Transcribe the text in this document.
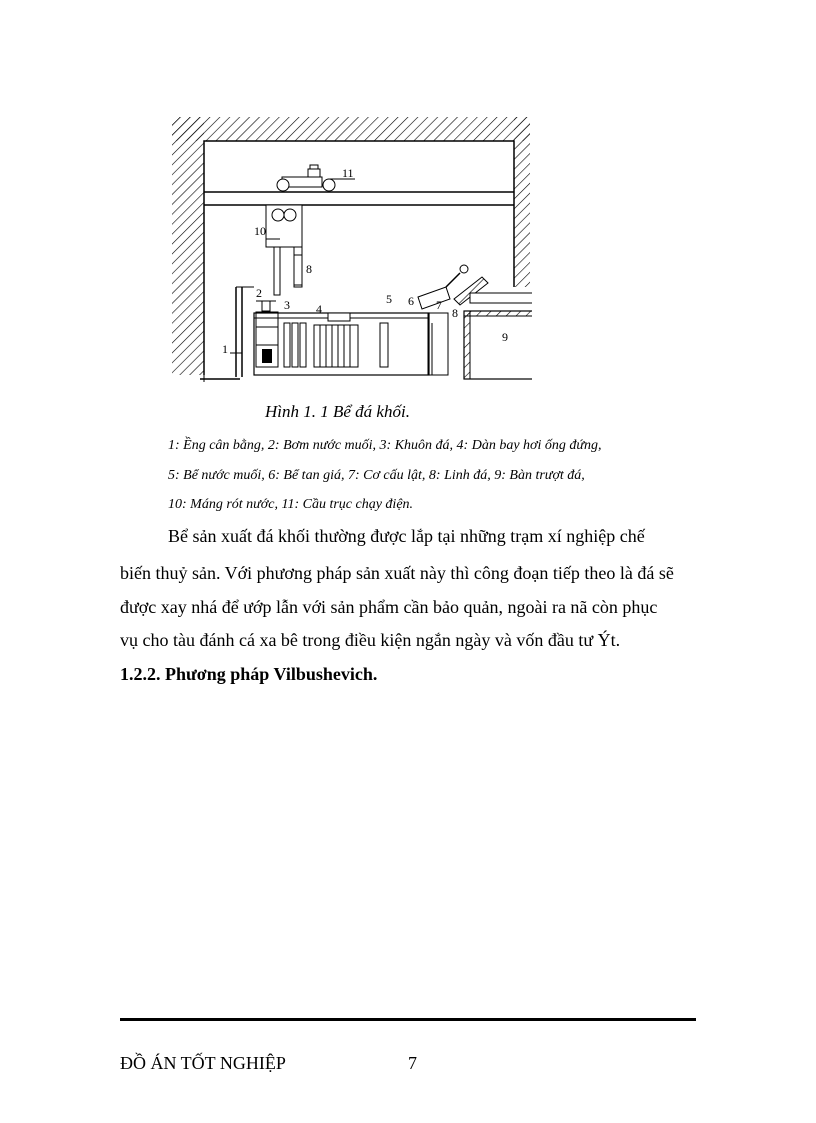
1
2
3 4
5 6 7
8
8
9
10
11
Hình 1. 1 Bể đá khối.
1: Ềng cân bằng, 2: Bơm nước muối, 3: Khuôn đá, 4: Dàn bay hơi ống đứng,
5: Bể nước muối, 6: Bể tan giá, 7: Cơ cấu lật, 8: Linh đá, 9: Bàn trượt đá,
10: Máng rót nước, 11: Cầu trục chạy điện.
Bể sản xuất đá khối thường được lắp tại những trạm xí nghiệp chế
biến thuỷ sản. Với phương pháp sản xuất này thì công đoạn tiếp theo là đá sẽ
được xay nhá để ướp lẫn với sản phẩm cần bảo quản, ngoài ra nã còn phục
vụ cho tàu đánh cá xa bê trong điều kiện ngắn ngày và vốn đầu tư Ýt.
1.2.2. Phương pháp Vilbushevich.
ĐỒ ÁN TỐT NGHIỆP	7
